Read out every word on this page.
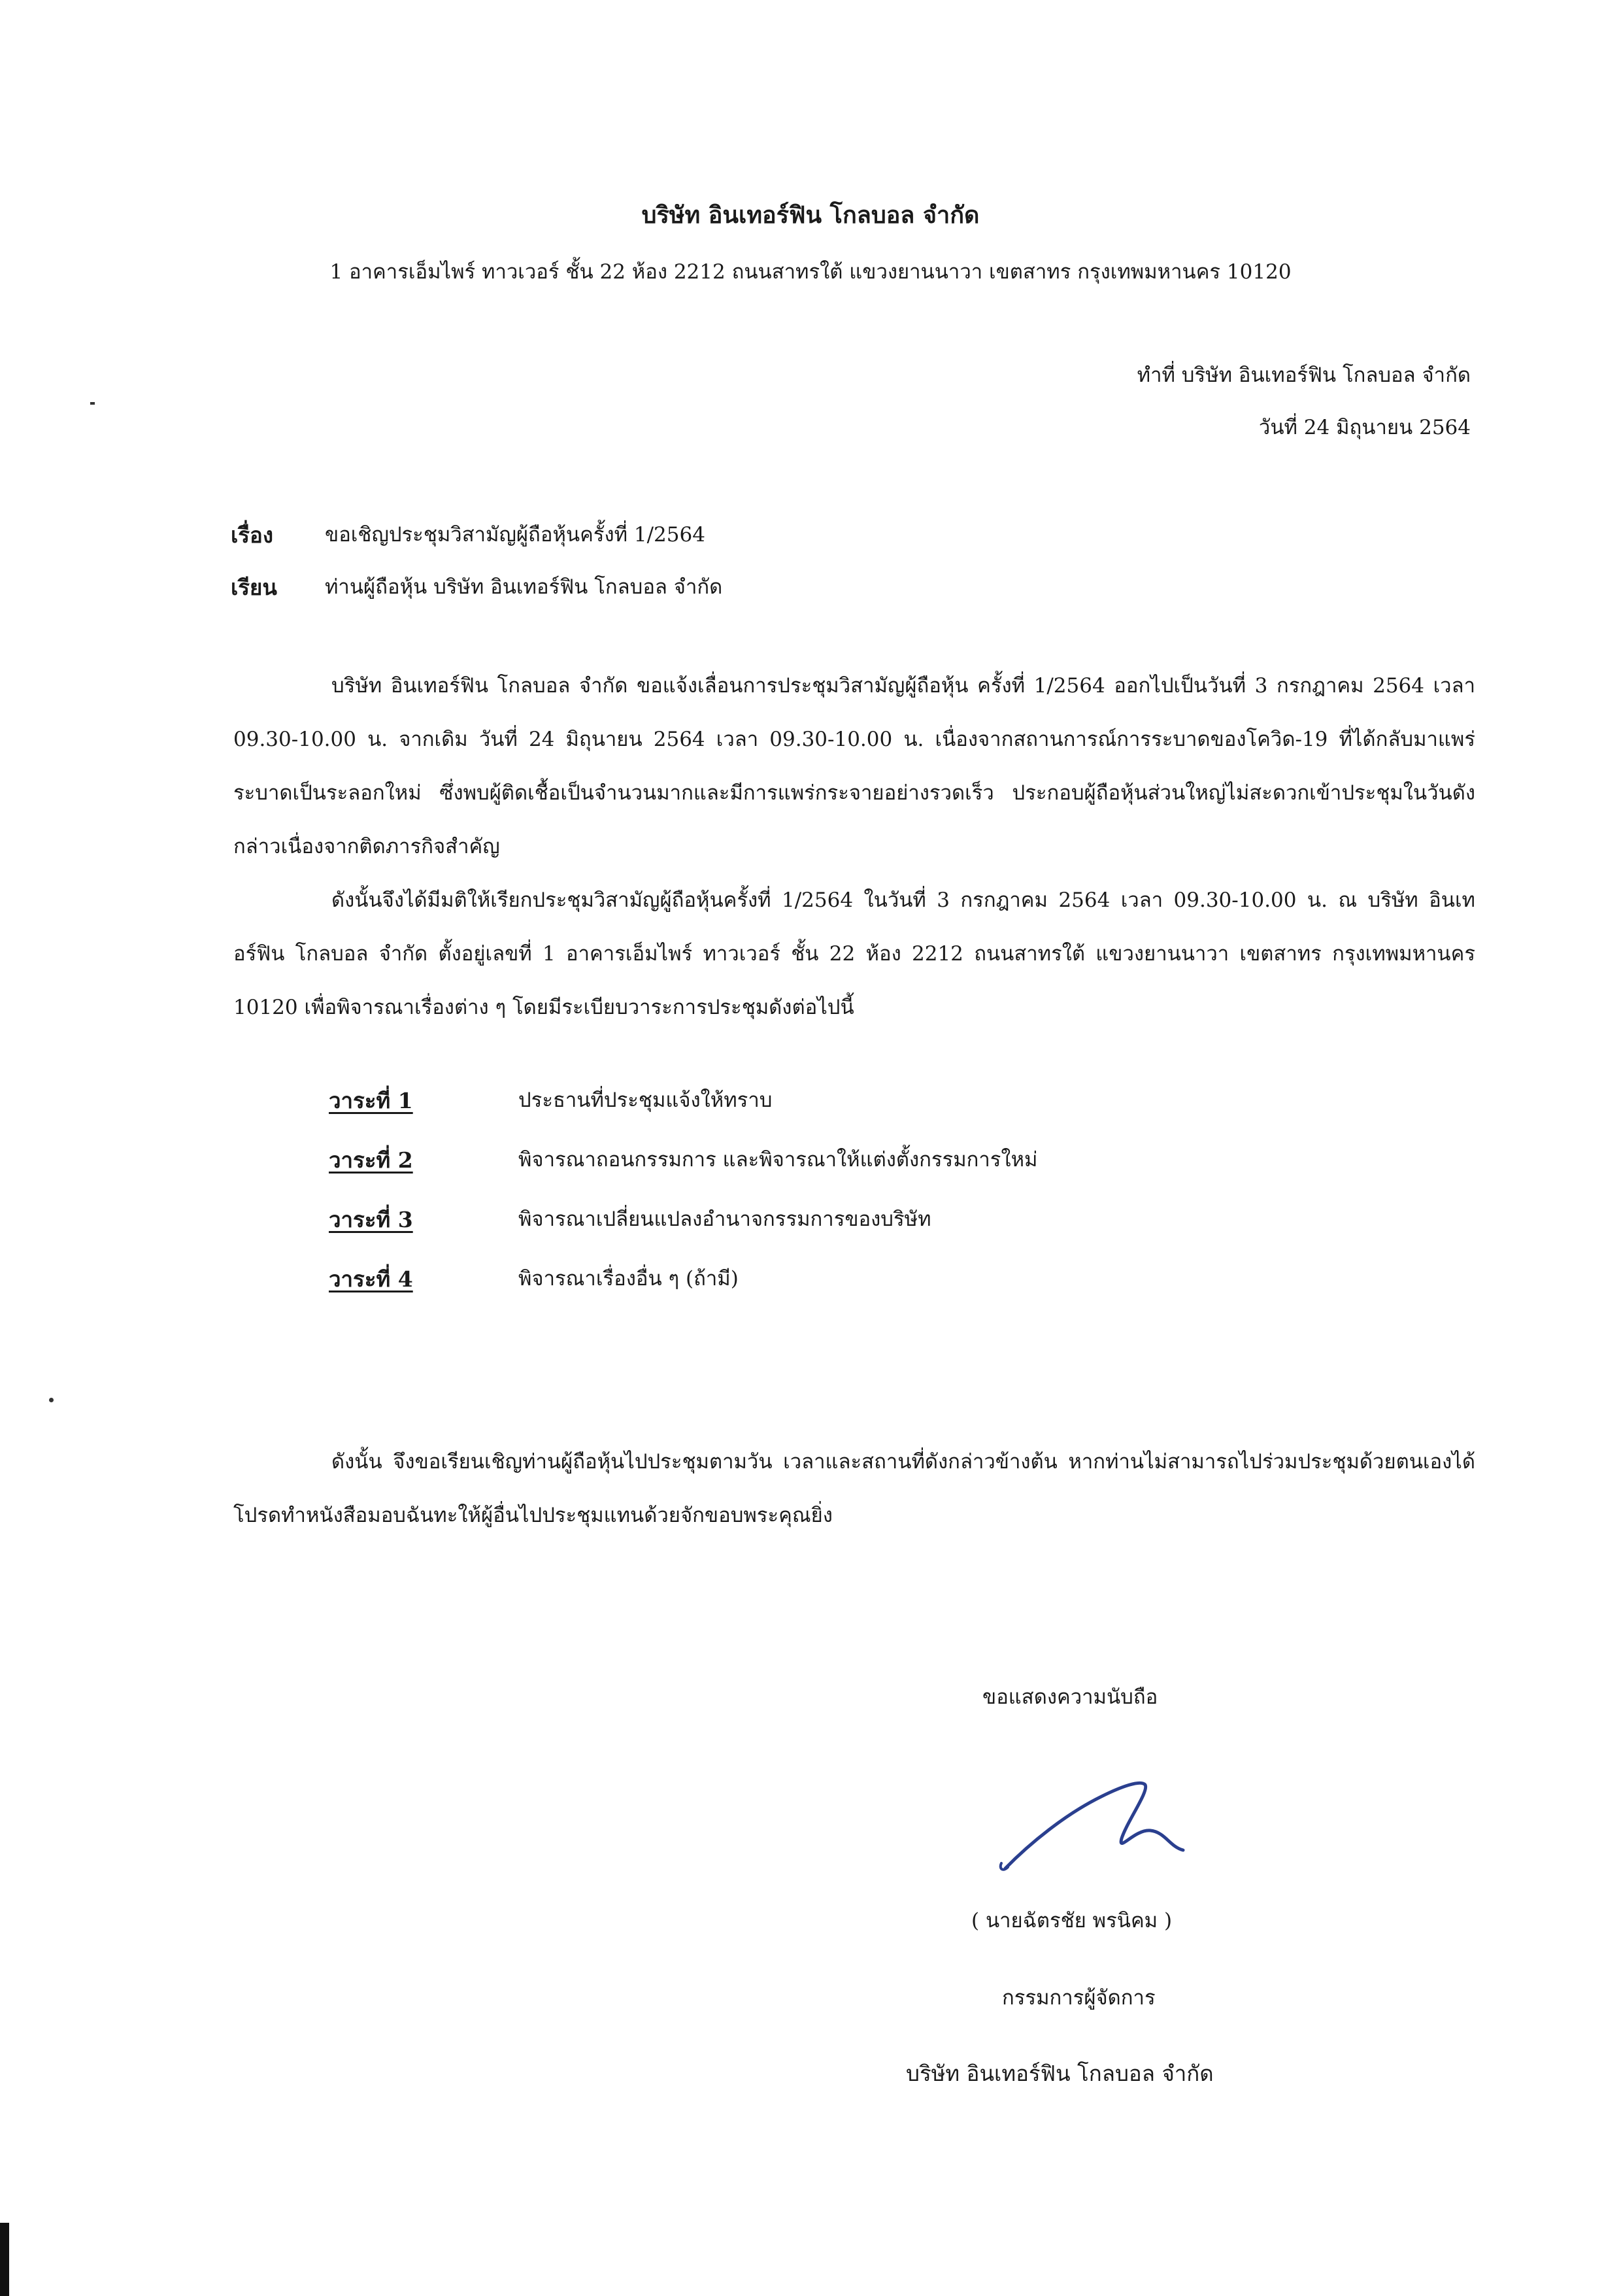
บริษัท อินเทอร์ฟิน โกลบอล จำกัด
1 อาคารเอ็มไพร์ ทาวเวอร์ ชั้น 22 ห้อง 2212 ถนนสาทรใต้ แขวงยานนาวา เขตสาทร กรุงเทพมหานคร 10120
ทำที่ บริษัท อินเทอร์ฟิน โกลบอล จำกัด
วันที่ 24 มิถุนายน 2564
เรื่อง	ขอเชิญประชุมวิสามัญผู้ถือหุ้นครั้งที่ 1/2564
เรียน ท่านผู้ถือหุ้น บริษัท อินเทอร์ฟิน โกลบอล จำกัด

บริษัท อินเทอร์ฟิน โกลบอล จำกัด ขอแจ้งเลื่อนการประชุมวิสามัญผู้ถือหุ้น ครั้งที่ 1/2564 ออกไปเป็นวันที่ 3 กรกฎาคม 2564 เวลา 09.30-10.00 น. จากเดิม วันที่ 24 มิถุนายน 2564 เวลา 09.30-10.00 น. เนื่องจากสถานการณ์การระบาดของโควิด-19 ที่ได้กลับมาแพร่ระบาดเป็นระลอกใหม่ ซึ่งพบผู้ติดเชื้อเป็นจำนวนมากและมีการแพร่กระจายอย่างรวดเร็ว ประกอบผู้ถือหุ้นส่วนใหญ่ไม่สะดวกเข้าประชุมในวันดังกล่าวเนื่องจากติดภารกิจสำคัญ

ดังนั้นจึงได้มีมติให้เรียกประชุมวิสามัญผู้ถือหุ้นครั้งที่ 1/2564 ในวันที่ 3 กรกฎาคม 2564 เวลา 09.30-10.00 น. ณ บริษัท อินเทอร์ฟิน โกลบอล จำกัด ตั้งอยู่เลขที่ 1 อาคารเอ็มไพร์ ทาวเวอร์ ชั้น 22 ห้อง 2212 ถนนสาทรใต้ แขวงยานนาวา เขตสาทร กรุงเทพมหานคร 10120 เพื่อพิจารณาเรื่องต่าง ๆ โดยมีระเบียบวาระการประชุมดังต่อไปนี้

วาระที่ 1	ประธานที่ประชุมแจ้งให้ทราบ
วาระที่ 2	พิจารณาถอนกรรมการ และพิจารณาให้แต่งตั้งกรรมการใหม่
วาระที่ 3	พิจารณาเปลี่ยนแปลงอำนาจกรรมการของบริษัท
วาระที่ 4	พิจารณาเรื่องอื่น ๆ (ถ้ามี)

ดังนั้น จึงขอเรียนเชิญท่านผู้ถือหุ้นไปประชุมตามวัน เวลาและสถานที่ดังกล่าวข้างต้น หากท่านไม่สามารถไปร่วมประชุมด้วยตนเองได้ โปรดทำหนังสือมอบฉันทะให้ผู้อื่นไปประชุมแทนด้วยจักขอบพระคุณยิ่ง

ขอแสดงความนับถือ
( นายฉัตรชัย พรนิคม )
กรรมการผู้จัดการ
บริษัท อินเทอร์ฟิน โกลบอล จำกัด
